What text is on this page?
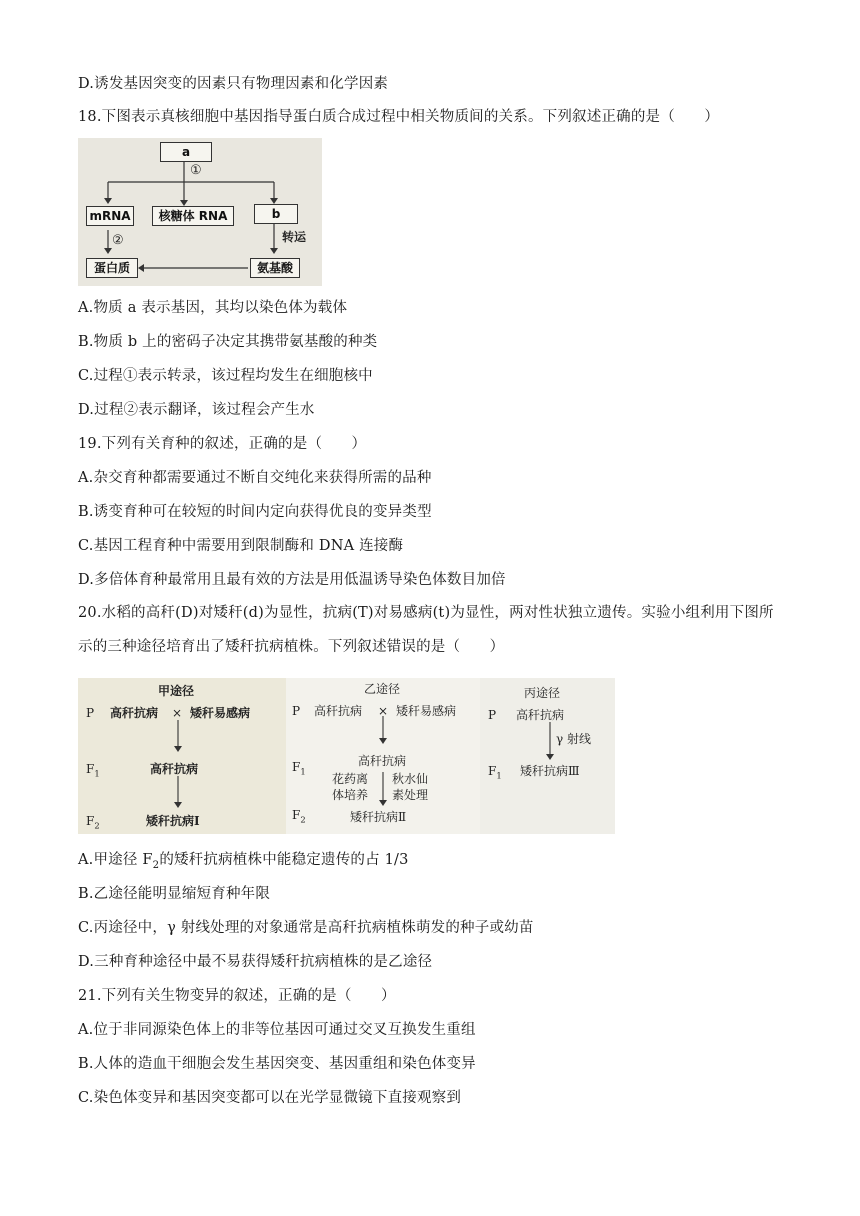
D.诱发基因突变的因素只有物理因素和化学因素
18.下图表示真核细胞中基因指导蛋白质合成过程中相关物质间的关系。下列叙述正确的是（　　）
a
①
mRNA	核糖体 RNA	b
②	转运
蛋白质	氨基酸
A.物质 a 表示基因，其均以染色体为载体
B.物质 b 上的密码子决定其携带氨基酸的种类
C.过程①表示转录，该过程均发生在细胞核中
D.过程②表示翻译，该过程会产生水
19.下列有关育种的叙述，正确的是（　　）
A.杂交育种都需要通过不断自交纯化来获得所需的品种
B.诱变育种可在较短的时间内定向获得优良的变异类型
C.基因工程育种中需要用到限制酶和 DNA 连接酶
D.多倍体育种最常用且最有效的方法是用低温诱导染色体数目加倍
20.水稻的高秆(D)对矮秆(d)为显性，抗病(T)对易感病(t)为显性，两对性状独立遗传。实验小组利用下图所
示的三种途径培育出了矮秆抗病植株。下列叙述错误的是（　　）
甲途径
P 高秆抗病 × 矮秆易感病
$F_1$	高秆抗病
$F_2$	矮秆抗病Ⅰ
乙途径
P 高秆抗病 × 矮秆易感病
$F_1$
高秆抗病
花药离
体培养
秋水仙
素处理
$F_2$	矮秆抗病Ⅱ
丙途径
P 高秆抗病
γ 射线
$F_1$ 矮秆抗病Ⅲ
A.甲途径 $F_2$的矮秆抗病植株中能稳定遗传的占 1/3
B.乙途径能明显缩短育种年限
C.丙途径中，γ 射线处理的对象通常是高秆抗病植株萌发的种子或幼苗
D.三种育种途径中最不易获得矮秆抗病植株的是乙途径
21.下列有关生物变异的叙述，正确的是（　　）
A.位于非同源染色体上的非等位基因可通过交叉互换发生重组
B.人体的造血干细胞会发生基因突变、基因重组和染色体变异
C.染色体变异和基因突变都可以在光学显微镜下直接观察到
